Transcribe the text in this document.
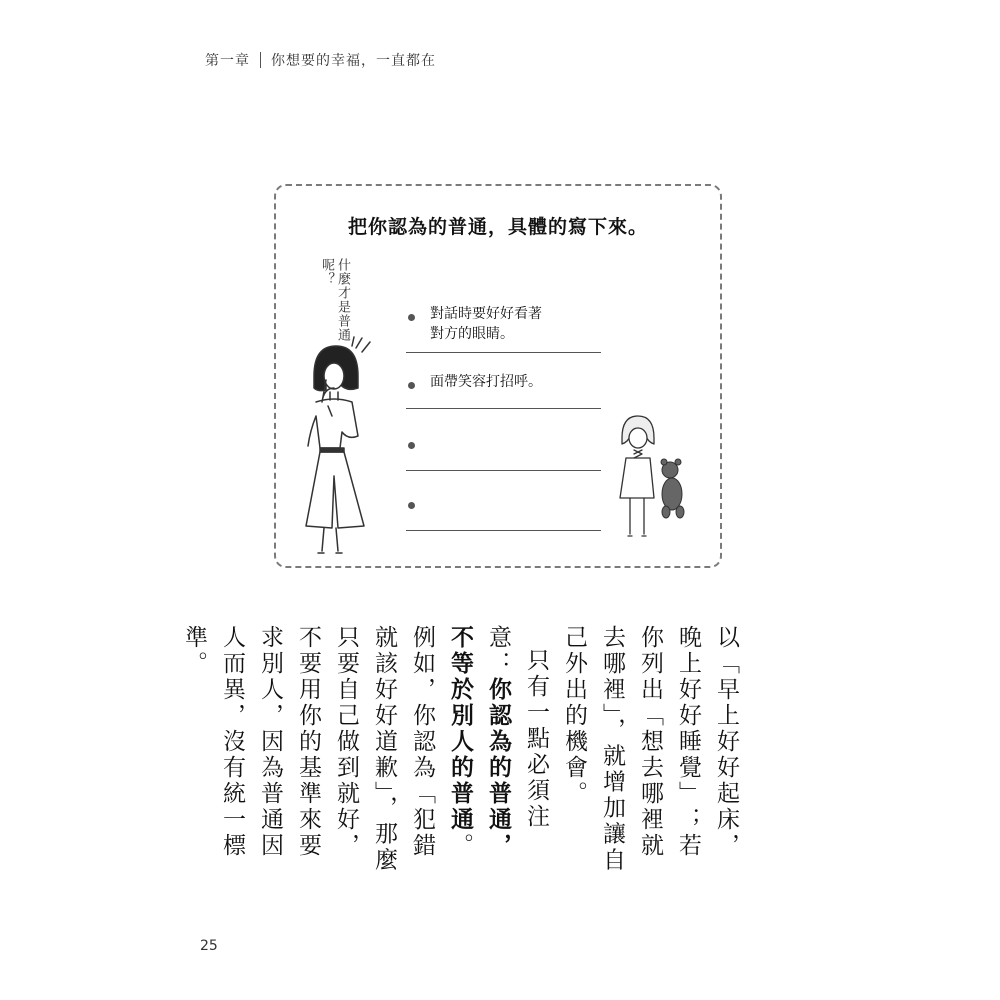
第一章 你想要的幸福，一直都在
把你認為的普通，具體的寫下來。
什麼才是普通呢？
對話時要好好看著
對方的眼睛。
面帶笑容打招呼。

以「早上好好起床，晚上好好睡覺」；若你列出「想去哪裡就去哪裡」，就增加讓自己外出的機會。

只有一點必須注意：你認為的普通，不等於別人的普通。例如，你認為「犯錯就該好好道歉」，那麼只要自己做到就好，不要用你的基準來要求別人，因為普通因人而異，沒有統一標準。

25
